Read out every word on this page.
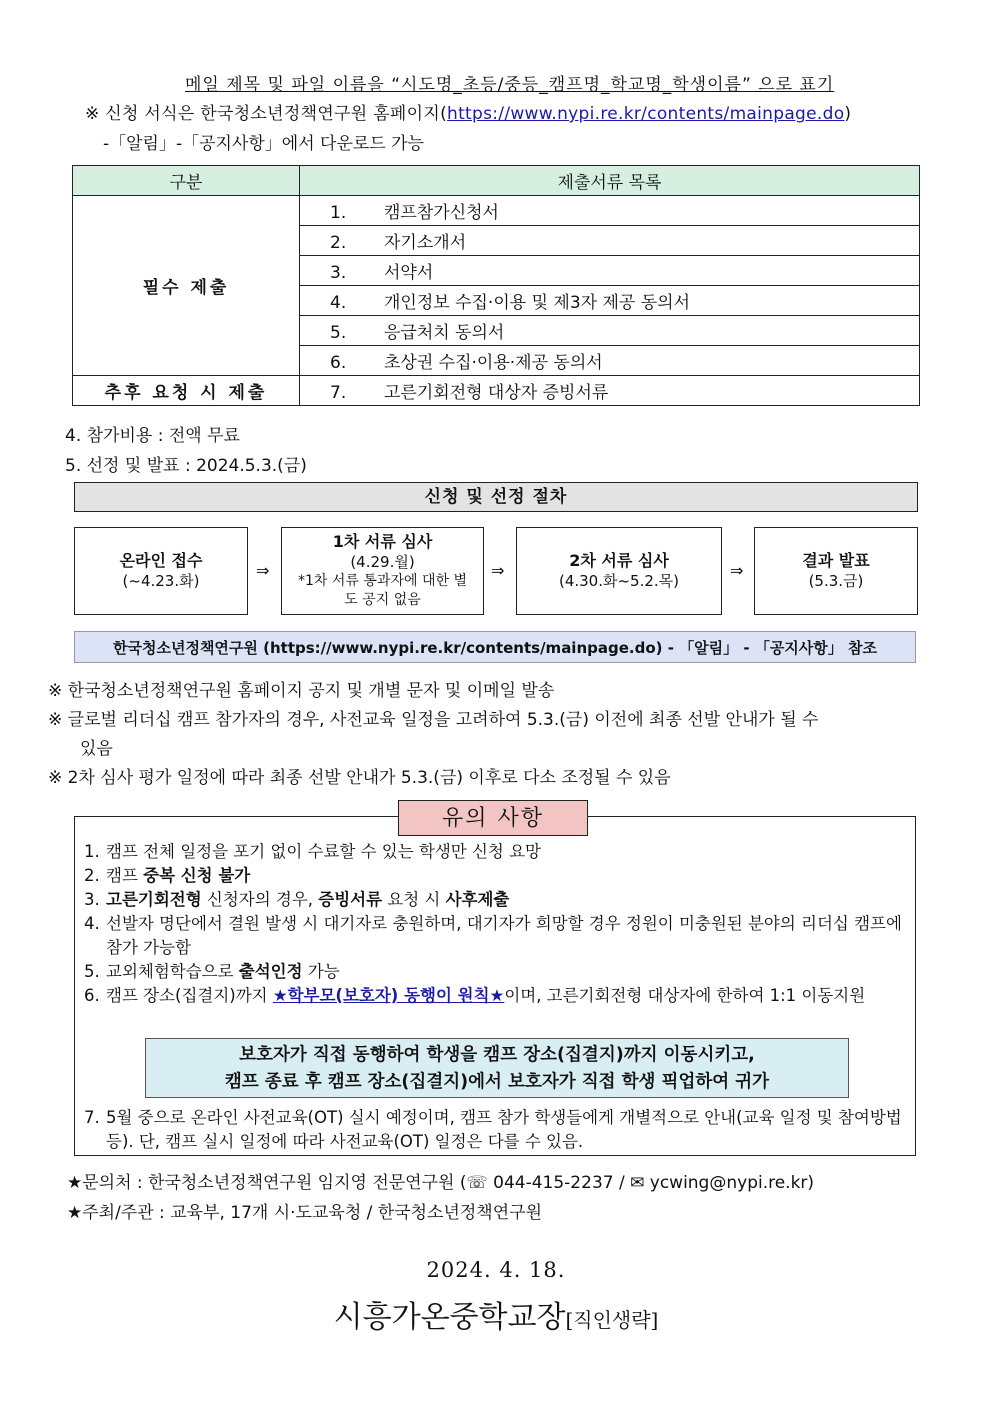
메일 제목 및 파일 이름을 “시도명_초등/중등_캠프명_학교명_학생이름” 으로 표기
※ 신청 서식은 한국청소년정책연구원 홈페이지(https://www.nypi.re.kr/contents/mainpage.do)
-「알림」-「공지사항」에서 다운로드 가능
구분	제출서류 목록
필수 제출	1. 캠프참가신청서
	2. 자기소개서
	3. 서약서
	4. 개인정보 수집·이용 및 제3자 제공 동의서
	5. 응급처치 동의서
	6. 초상권 수집·이용·제공 동의서
추후 요청 시 제출	7. 고른기회전형 대상자 증빙서류
4. 참가비용 : 전액 무료
5. 선정 및 발표 : 2024.5.3.(금)
신청 및 선정 절차
온라인 접수
(~4.23.화)
⇒
1차 서류 심사
(4.29.월)
*1차 서류 통과자에 대한 별도 공지 없음
⇒
2차 서류 심사
(4.30.화~5.2.목)
⇒
결과 발표
(5.3.금)
한국청소년정책연구원 (https://www.nypi.re.kr/contents/mainpage.do) - 「알림」 - 「공지사항」 참조
※ 한국청소년정책연구원 홈페이지 공지 및 개별 문자 및 이메일 발송
※ 글로벌 리더십 캠프 참가자의 경우, 사전교육 일정을 고려하여 5.3.(금) 이전에 최종 선발 안내가 될 수
있음
※ 2차 심사 평가 일정에 따라 최종 선발 안내가 5.3.(금) 이후로 다소 조정될 수 있음
유의 사항
1. 캠프 전체 일정을 포기 없이 수료할 수 있는 학생만 신청 요망
2. 캠프 중복 신청 불가
3. 고른기회전형 신청자의 경우, 증빙서류 요청 시 사후제출
4. 선발자 명단에서 결원 발생 시 대기자로 충원하며, 대기자가 희망할 경우 정원이 미충원된 분야의 리더십 캠프에 참가 가능함
5. 교외체험학습으로 출석인정 가능
6. 캠프 장소(집결지)까지 ★학부모(보호자) 동행이 원칙★이며, 고른기회전형 대상자에 한하여 1:1 이동지원
보호자가 직접 동행하여 학생을 캠프 장소(집결지)까지 이동시키고,
캠프 종료 후 캠프 장소(집결지)에서 보호자가 직접 학생 픽업하여 귀가
7. 5월 중으로 온라인 사전교육(OT) 실시 예정이며, 캠프 참가 학생들에게 개별적으로 안내(교육 일정 및 참여방법 등). 단, 캠프 실시 일정에 따라 사전교육(OT) 일정은 다를 수 있음.
★문의처 : 한국청소년정책연구원 임지영 전문연구원 (☏ 044-415-2237 / ✉ ycwing@nypi.re.kr)
★주최/주관 : 교육부, 17개 시·도교육청 / 한국청소년정책연구원
2024. 4. 18.
시흥가온중학교장[직인생략]
